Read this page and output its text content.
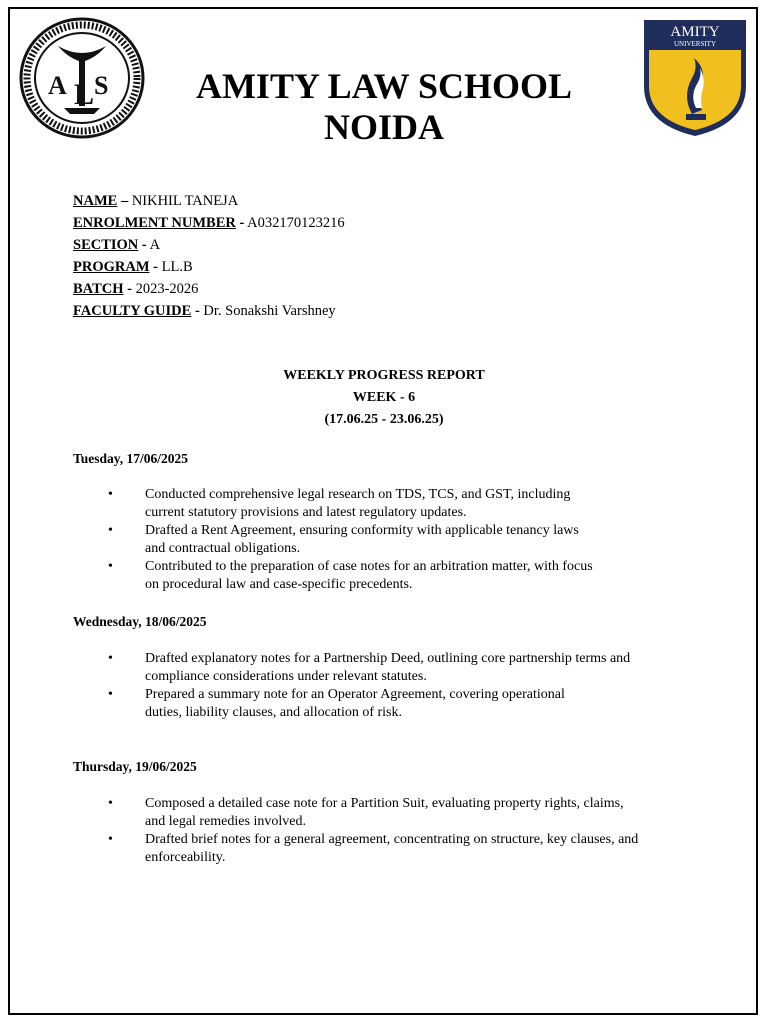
A L S
AMITY
UNIVERSITY
AMITY LAW SCHOOL
NOIDA
NAME – NIKHIL TANEJA
ENROLMENT NUMBER - A032170123216
SECTION - A
PROGRAM - LL.B
BATCH - 2023-2026
FACULTY GUIDE - Dr. Sonakshi Varshney
WEEKLY PROGRESS REPORT
WEEK - 6
(17.06.25 - 23.06.25)
Tuesday, 17/06/2025
• Conducted comprehensive legal research on TDS, TCS, and GST, including
current statutory provisions and latest regulatory updates.
• Drafted a Rent Agreement, ensuring conformity with applicable tenancy laws
and contractual obligations.
• Contributed to the preparation of case notes for an arbitration matter, with focus
on procedural law and case-specific precedents.
Wednesday, 18/06/2025
• Drafted explanatory notes for a Partnership Deed, outlining core partnership terms and
compliance considerations under relevant statutes.
• Prepared a summary note for an Operator Agreement, covering operational
duties, liability clauses, and allocation of risk.
Thursday, 19/06/2025
• Composed a detailed case note for a Partition Suit, evaluating property rights, claims,
and legal remedies involved.
• Drafted brief notes for a general agreement, concentrating on structure, key clauses, and
enforceability.
